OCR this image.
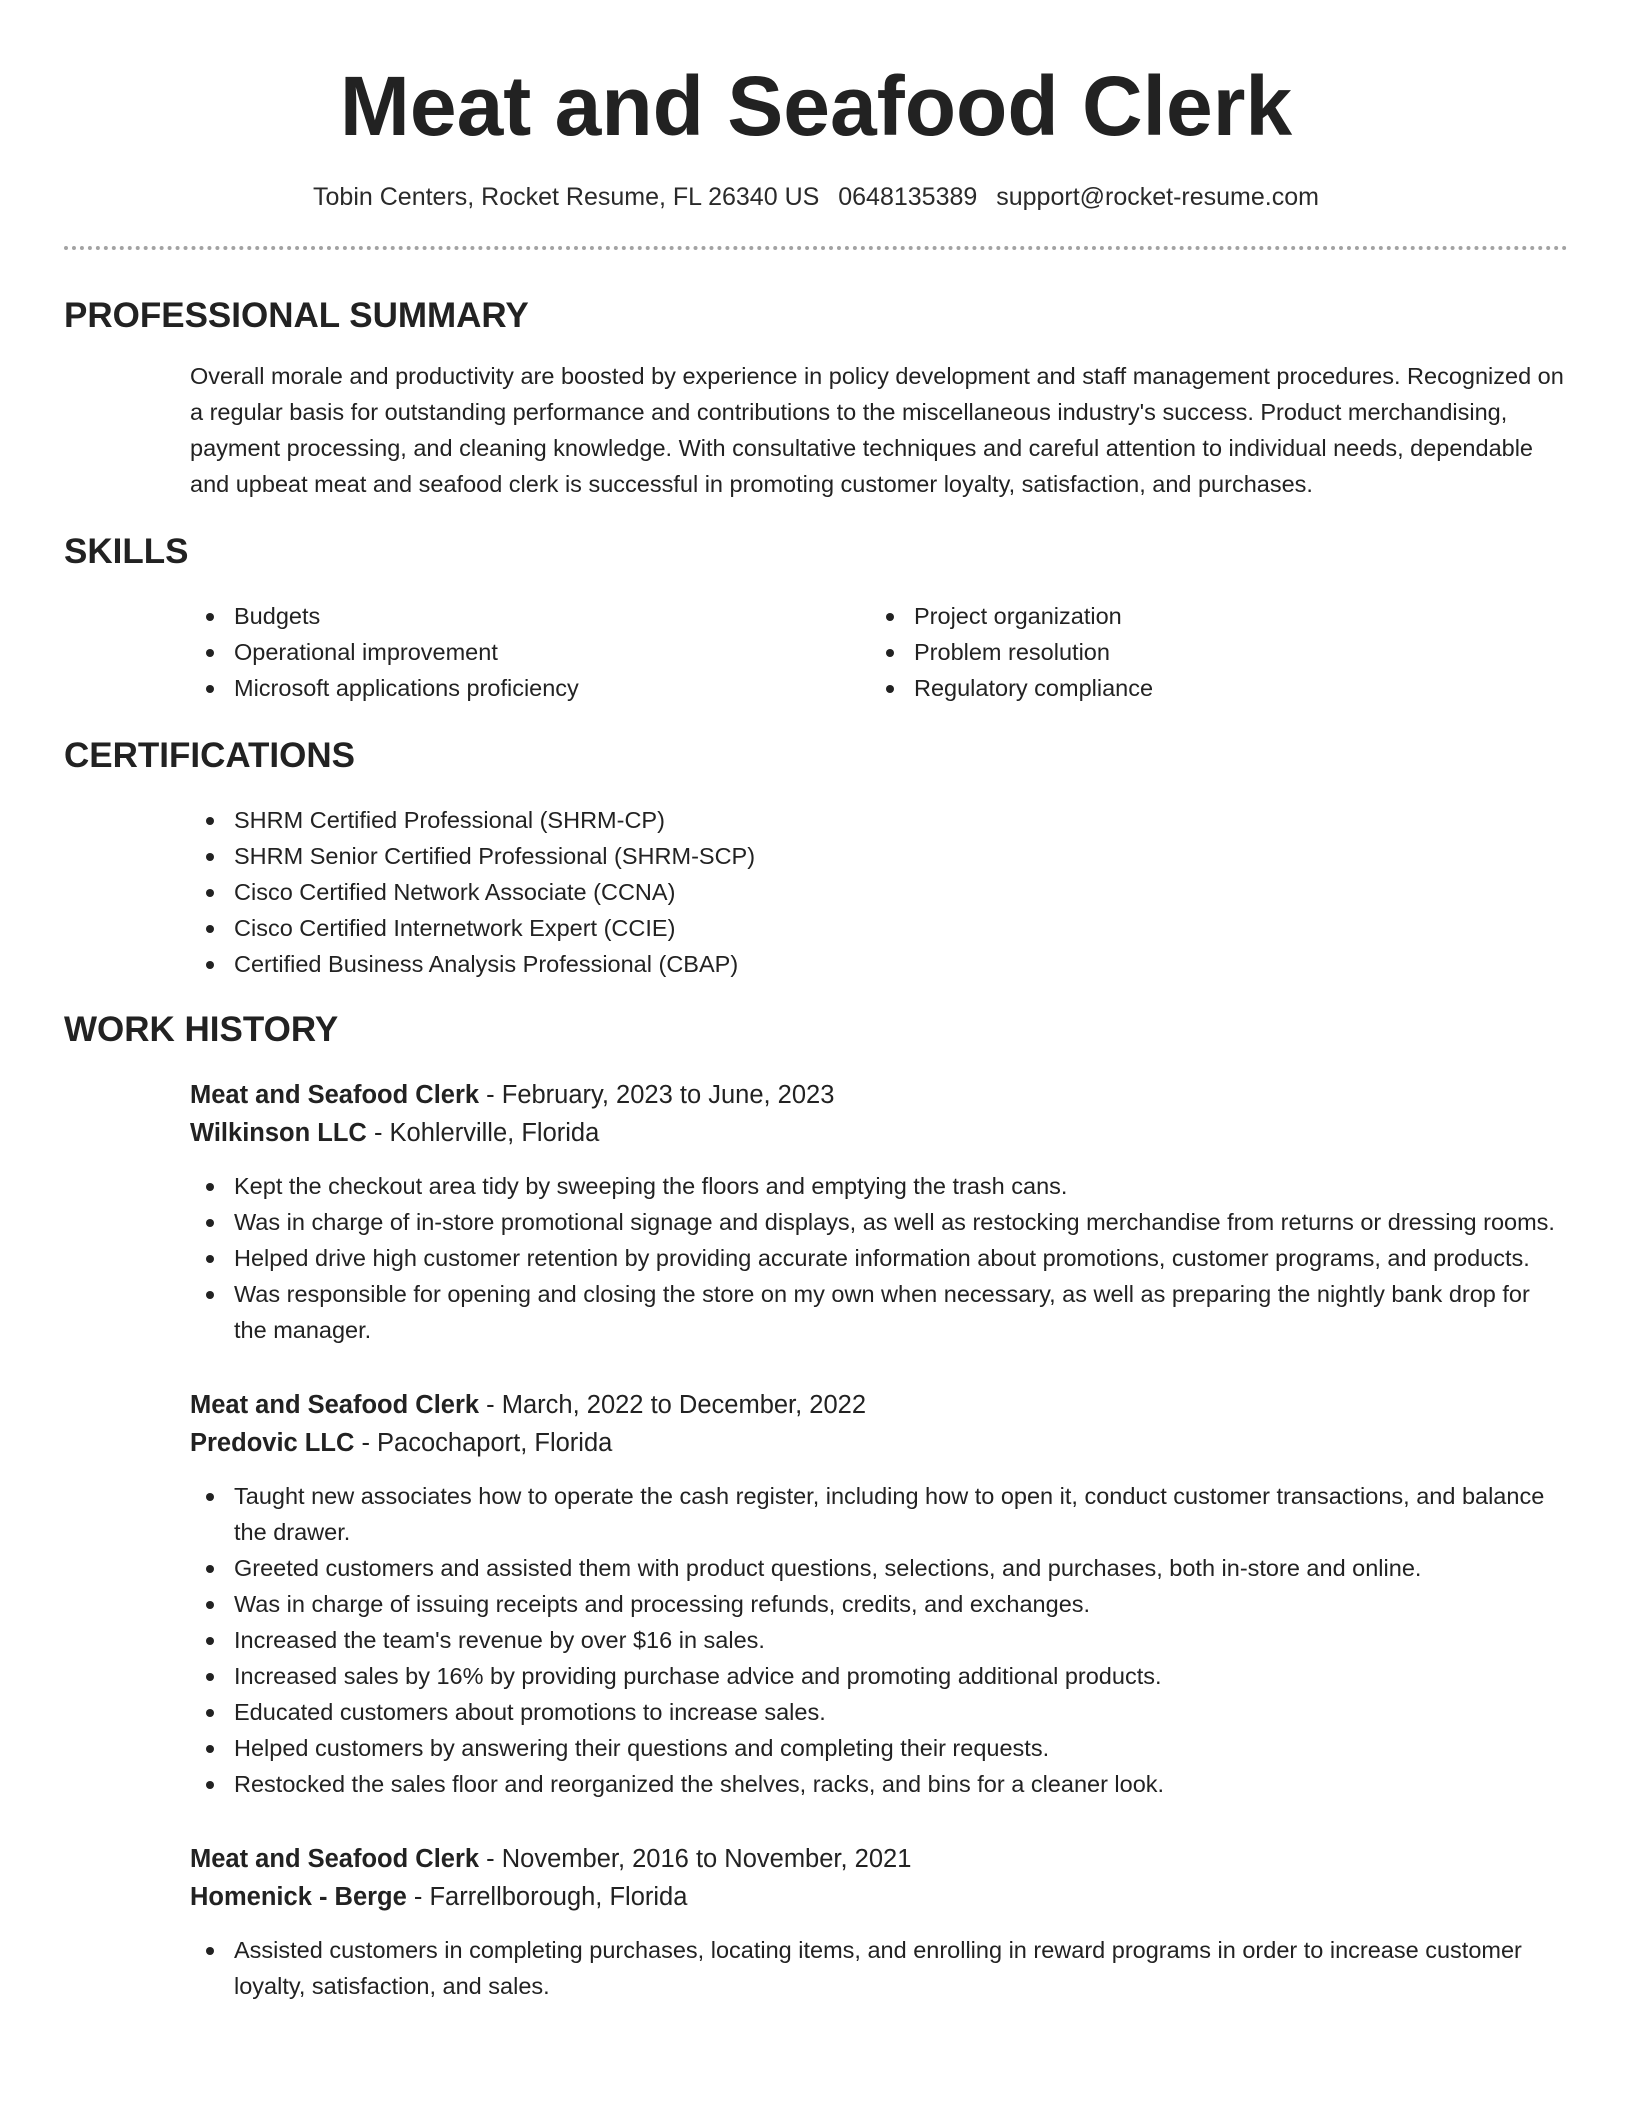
Meat and Seafood Clerk
Tobin Centers, Rocket Resume, FL 26340 US 0648135389 support@rocket-resume.com
PROFESSIONAL SUMMARY
Overall morale and productivity are boosted by experience in policy development and staff management procedures. Recognized on a regular basis for outstanding performance and contributions to the miscellaneous industry's success. Product merchandising, payment processing, and cleaning knowledge. With consultative techniques and careful attention to individual needs, dependable and upbeat meat and seafood clerk is successful in promoting customer loyalty, satisfaction, and purchases.
SKILLS
Budgets
Operational improvement
Microsoft applications proficiency
Project organization
Problem resolution
Regulatory compliance
CERTIFICATIONS
SHRM Certified Professional (SHRM-CP)
SHRM Senior Certified Professional (SHRM-SCP)
Cisco Certified Network Associate (CCNA)
Cisco Certified Internetwork Expert (CCIE)
Certified Business Analysis Professional (CBAP)
WORK HISTORY
Meat and Seafood Clerk - February, 2023 to June, 2023
Wilkinson LLC - Kohlerville, Florida
Kept the checkout area tidy by sweeping the floors and emptying the trash cans.
Was in charge of in-store promotional signage and displays, as well as restocking merchandise from returns or dressing rooms.
Helped drive high customer retention by providing accurate information about promotions, customer programs, and products.
Was responsible for opening and closing the store on my own when necessary, as well as preparing the nightly bank drop for the manager.
Meat and Seafood Clerk - March, 2022 to December, 2022
Predovic LLC - Pacochaport, Florida
Taught new associates how to operate the cash register, including how to open it, conduct customer transactions, and balance the drawer.
Greeted customers and assisted them with product questions, selections, and purchases, both in-store and online.
Was in charge of issuing receipts and processing refunds, credits, and exchanges.
Increased the team's revenue by over $16 in sales.
Increased sales by 16% by providing purchase advice and promoting additional products.
Educated customers about promotions to increase sales.
Helped customers by answering their questions and completing their requests.
Restocked the sales floor and reorganized the shelves, racks, and bins for a cleaner look.
Meat and Seafood Clerk - November, 2016 to November, 2021
Homenick - Berge - Farrellborough, Florida
Assisted customers in completing purchases, locating items, and enrolling in reward programs in order to increase customer loyalty, satisfaction, and sales.
